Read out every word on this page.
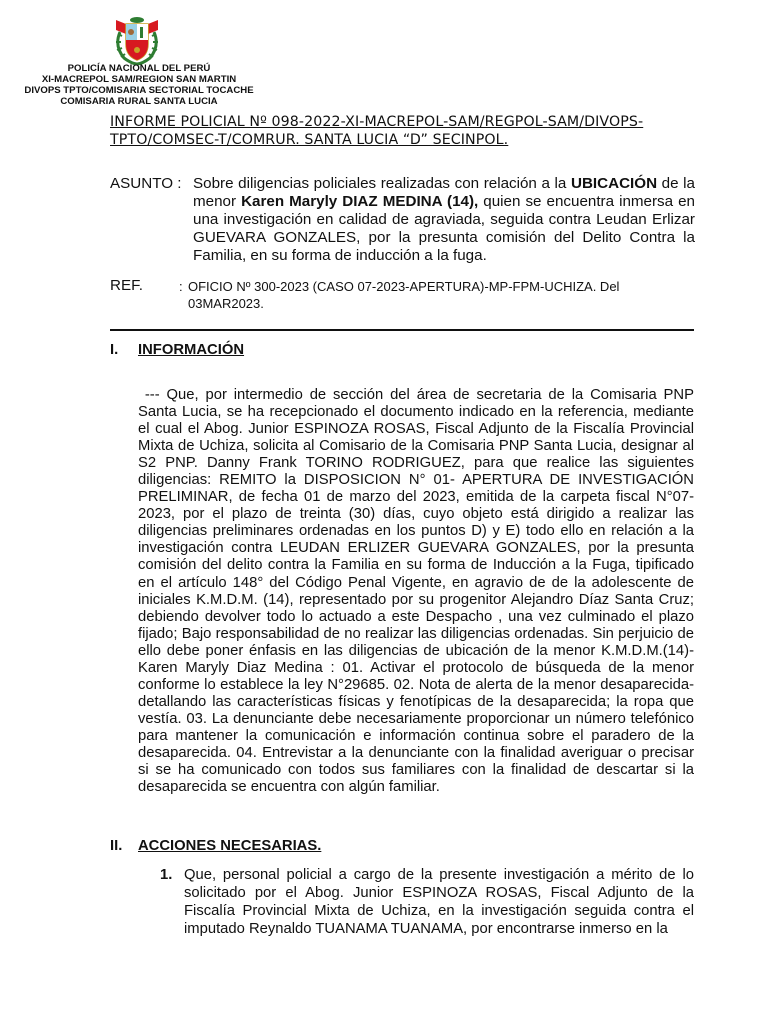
POLICÍA NACIONAL DEL PERÚ
XI-MACREPOL SAM/REGION SAN MARTIN
DIVOPS TPTO/COMISARIA SECTORIAL TOCACHE
COMISARIA RURAL SANTA LUCIA
INFORME POLICIAL Nº 098-2022-XI-MACREPOL-SAM/REGPOL-SAM/DIVOPS-TPTO/COMSEC-T/COMRUR. SANTA LUCIA “D” SECINPOL.
ASUNTO : Sobre diligencias policiales realizadas con relación a la UBICACIÓN de la menor Karen Maryly DIAZ MEDINA (14), quien se encuentra inmersa en una investigación en calidad de agraviada, seguida contra Leudan Erlizar GUEVARA GONZALES, por la presunta comisión del Delito Contra la Familia, en su forma de inducción a la fuga.
REF.	: OFICIO Nº 300-2023 (CASO 07-2023-APERTURA)-MP-FPM-UCHIZA. Del 03MAR2023.
I. INFORMACIÓN
--- Que, por intermedio de sección del área de secretaria de la Comisaria PNP Santa Lucia, se ha recepcionado el documento indicado en la referencia, mediante el cual el Abog. Junior ESPINOZA ROSAS, Fiscal Adjunto de la Fiscalía Provincial Mixta de Uchiza, solicita al Comisario de la Comisaria PNP Santa Lucia, designar al S2 PNP. Danny Frank TORINO RODRIGUEZ, para que realice las siguientes diligencias: REMITO la DISPOSICION N° 01- APERTURA DE INVESTIGACIÓN PRELIMINAR, de fecha 01 de marzo del 2023, emitida de la carpeta fiscal N°07-2023, por el plazo de treinta (30) días, cuyo objeto está dirigido a realizar las diligencias preliminares ordenadas en los puntos D) y E) todo ello en relación a la investigación contra LEUDAN ERLIZER GUEVARA GONZALES, por la presunta comisión del delito contra la Familia en su forma de Inducción a la Fuga, tipificado en el artículo 148° del Código Penal Vigente, en agravio de de la adolescente de iniciales K.M.D.M. (14), representado por su progenitor Alejandro Díaz Santa Cruz; debiendo devolver todo lo actuado a este Despacho , una vez culminado el plazo fijado; Bajo responsabilidad de no realizar las diligencias ordenadas. Sin perjuicio de ello debe poner énfasis en las diligencias de ubicación de la menor K.M.D.M.(14)-Karen Maryly Diaz Medina : 01. Activar el protocolo de búsqueda de la menor conforme lo establece la ley N°29685. 02. Nota de alerta de la menor desaparecida-detallando las características físicas y fenotípicas de la desaparecida; la ropa que vestía. 03. La denunciante debe necesariamente proporcionar un número telefónico para mantener la comunicación e información continua sobre el paradero de la desaparecida. 04. Entrevistar a la denunciante con la finalidad averiguar o precisar si se ha comunicado con todos sus familiares con la finalidad de descartar si la desaparecida se encuentra con algún familiar.
II. ACCIONES NECESARIAS.
1. Que, personal policial a cargo de la presente investigación a mérito de lo solicitado por el Abog. Junior ESPINOZA ROSAS, Fiscal Adjunto de la Fiscalía Provincial Mixta de Uchiza, en la investigación seguida contra el imputado Reynaldo TUANAMA TUANAMA, por encontrarse inmerso en la
